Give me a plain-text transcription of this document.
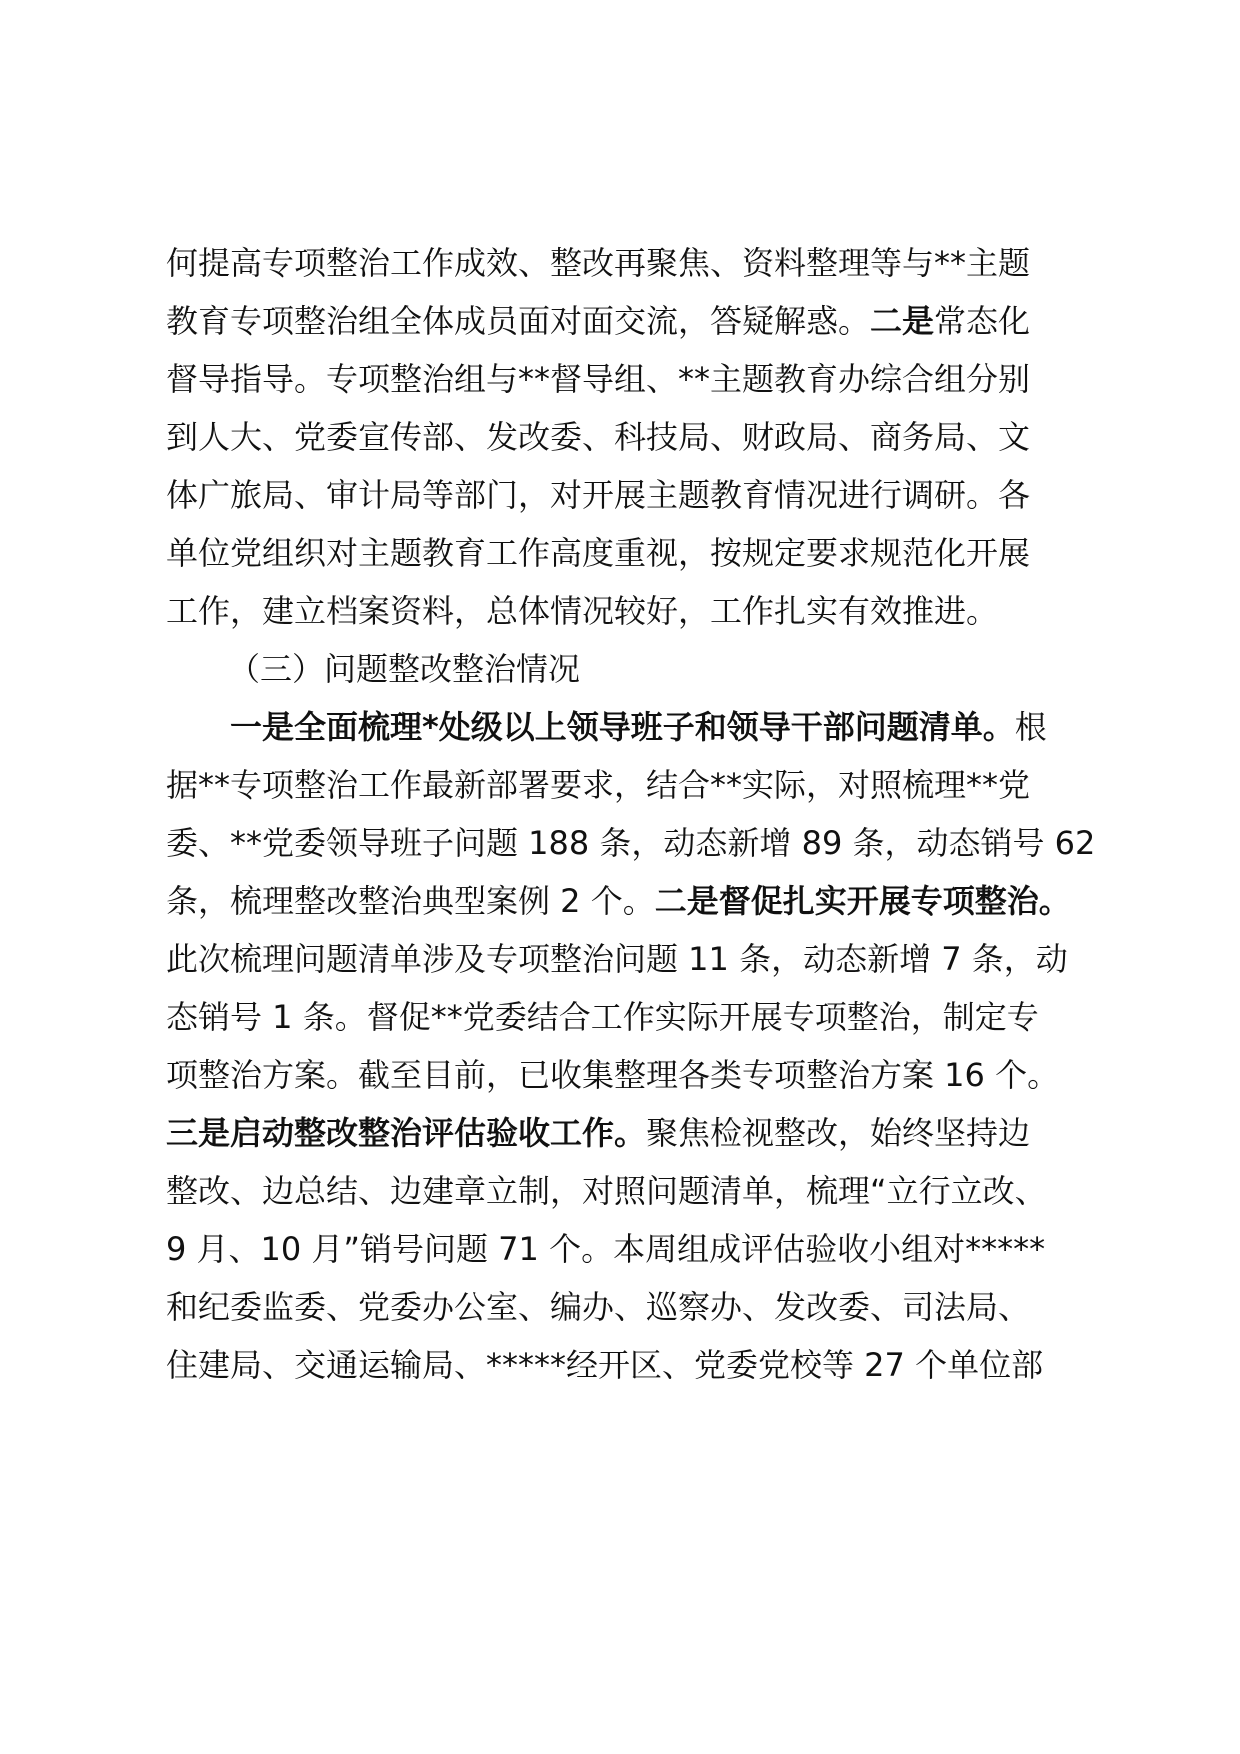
何提高专项整治工作成效、整改再聚焦、资料整理等与**主题
教育专项整治组全体成员面对面交流，答疑解惑。二是常态化
督导指导。专项整治组与**督导组、**主题教育办综合组分别
到人大、党委宣传部、发改委、科技局、财政局、商务局、文
体广旅局、审计局等部门，对开展主题教育情况进行调研。各
单位党组织对主题教育工作高度重视，按规定要求规范化开展
工作，建立档案资料，总体情况较好，工作扎实有效推进。
（三）问题整改整治情况
一是全面梳理*处级以上领导班子和领导干部问题清单。根
据**专项整治工作最新部署要求，结合**实际，对照梳理**党
委、**党委领导班子问题 188 条，动态新增 89 条，动态销号 62
条，梳理整改整治典型案例 2 个。二是督促扎实开展专项整治。
此次梳理问题清单涉及专项整治问题 11 条，动态新增 7 条，动
态销号 1 条。督促**党委结合工作实际开展专项整治，制定专
项整治方案。截至目前，已收集整理各类专项整治方案 16 个。
三是启动整改整治评估验收工作。聚焦检视整改，始终坚持边
整改、边总结、边建章立制，对照问题清单，梳理“立行立改、
9 月、10 月”销号问题 71 个。本周组成评估验收小组对*****
和纪委监委、党委办公室、编办、巡察办、发改委、司法局、
住建局、交通运输局、*****经开区、党委党校等 27 个单位部
